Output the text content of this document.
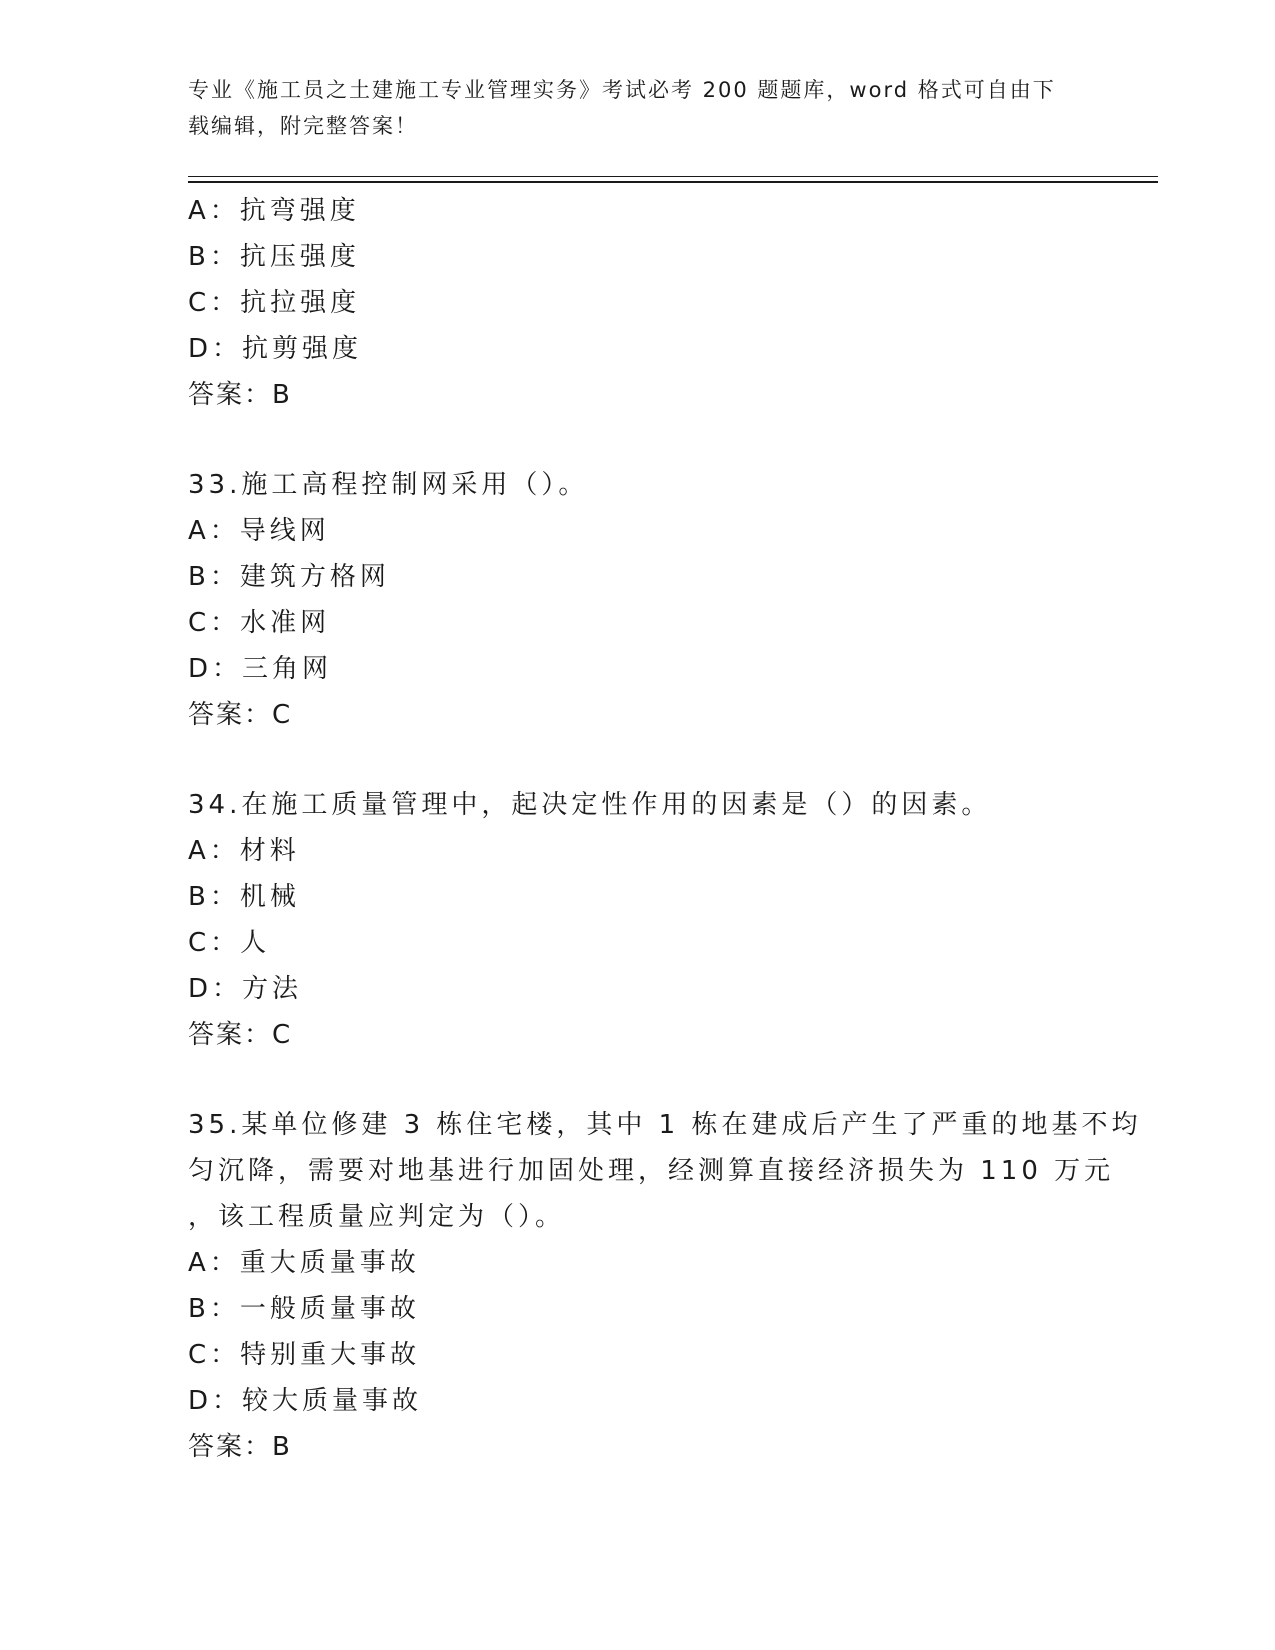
专业《施工员之土建施工专业管理实务》考试必考 200 题题库，word 格式可自由下载编辑，附完整答案！
A：抗弯强度
B：抗压强度
C：抗拉强度
D：抗剪强度
答案：B
33.施工高程控制网采用（）。
A：导线网
B：建筑方格网
C：水准网
D：三角网
答案：C
34.在施工质量管理中，起决定性作用的因素是（）的因素。
A：材料
B：机械
C：人
D：方法
答案：C
35.某单位修建 3 栋住宅楼，其中 1 栋在建成后产生了严重的地基不均
匀沉降，需要对地基进行加固处理，经测算直接经济损失为 110 万元
，该工程质量应判定为（）。
A：重大质量事故
B：一般质量事故
C：特别重大事故
D：较大质量事故
答案：B
